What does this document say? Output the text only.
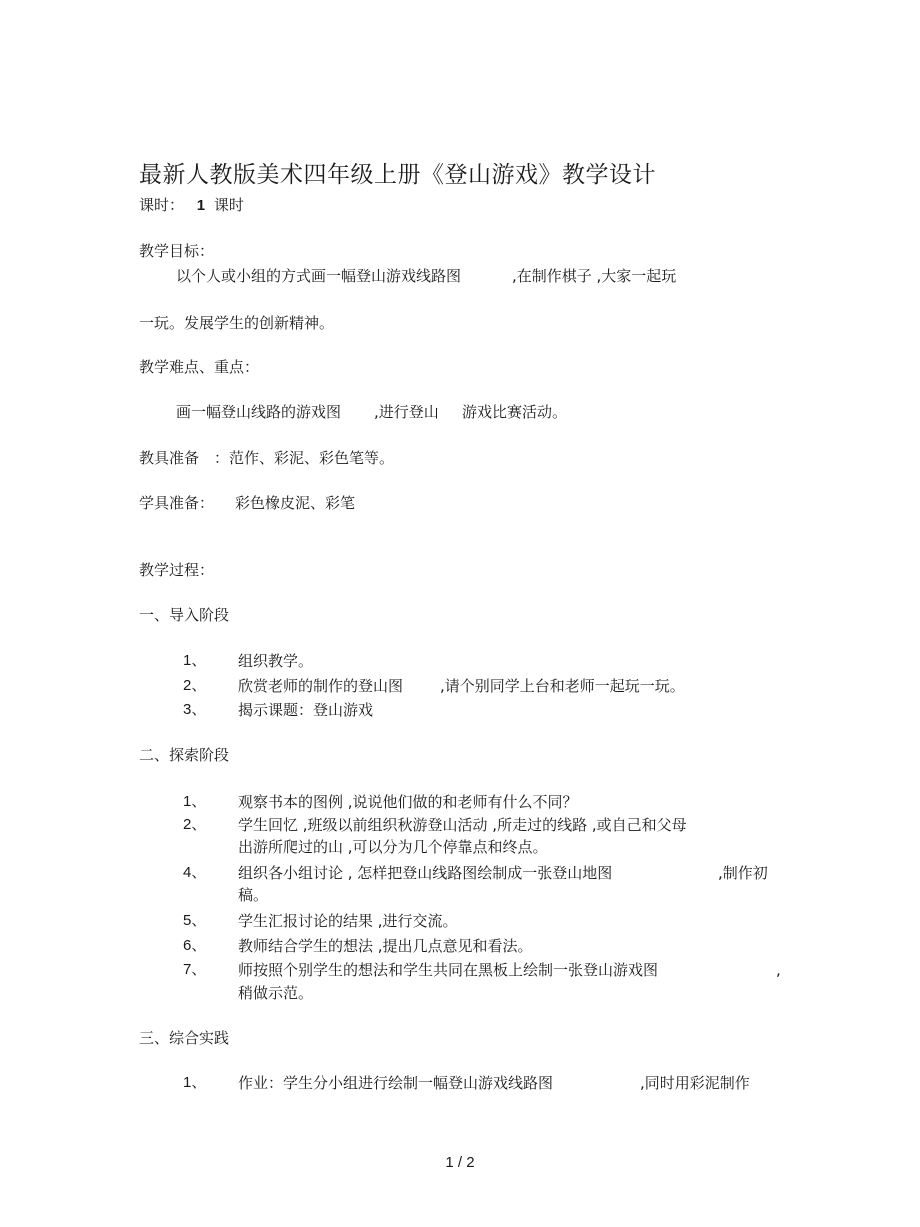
最新人教版美术四年级上册《登山游戏》教学设计
课时： 1 课时
教学目标：
以个人或小组的方式画一幅登山游戏线路图	,在制作棋子 ,大家一起玩
一玩。发展学生的创新精神。
教学难点、重点：
画一幅登山线路的游戏图 ,进行登山 游戏比赛活动。
教具准备 ：范作、彩泥、彩色笔等。
学具准备： 彩色橡皮泥、彩笔
教学过程：
一、导入阶段
1、 组织教学。
2、 欣赏老师的制作的登山图 ,请个别同学上台和老师一起玩一玩。
3、 揭示课题：登山游戏
二、探索阶段
1、 观察书本的图例 ,说说他们做的和老师有什么不同？
2、 学生回忆 ,班级以前组织秋游登山活动 ,所走过的线路 ,或自己和父母
出游所爬过的山 ,可以分为几个停靠点和终点。
4、 组织各小组讨论 , 怎样把登山线路图绘制成一张登山地图	,制作初
稿。
5、 学生汇报讨论的结果 ,进行交流。
6、 教师结合学生的想法 ,提出几点意见和看法。
7、 师按照个别学生的想法和学生共同在黑板上绘制一张登山游戏图	,
稍做示范。
三、综合实践
1、 作业：学生分小组进行绘制一幅登山游戏线路图	,同时用彩泥制作
1 / 2
